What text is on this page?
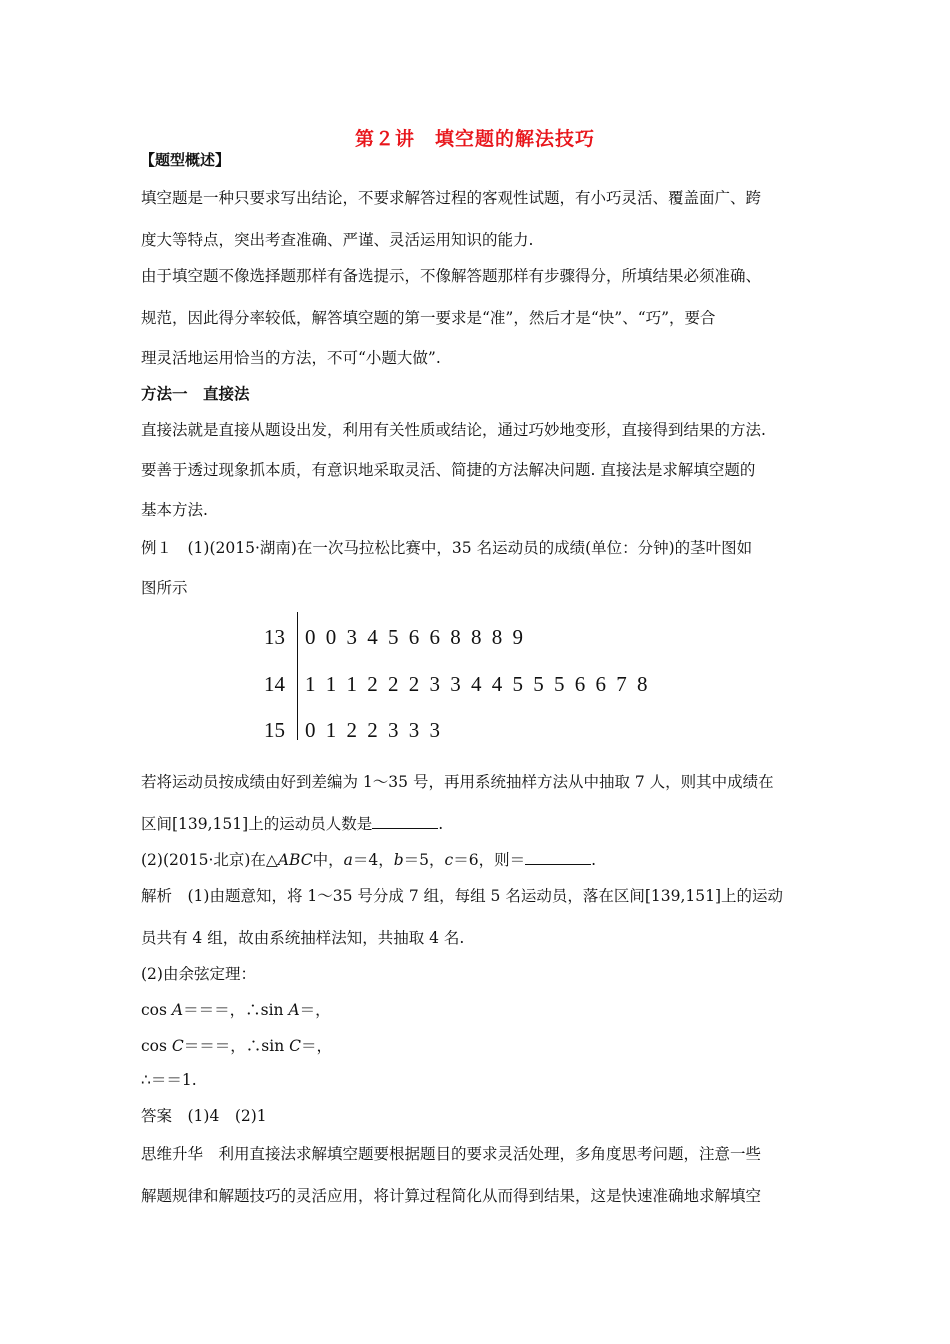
第２讲　填空题的解法技巧
【题型概述】
填空题是一种只要求写出结论，不要求解答过程的客观性试题，有小巧灵活、覆盖面广、跨
度大等特点，突出考查准确、严谨、灵活运用知识的能力.
由于填空题不像选择题那样有备选提示，不像解答题那样有步骤得分，所填结果必须准确、
规范，因此得分率较低，解答填空题的第一要求是“准”，然后才是“快”、“巧”，要合
理灵活地运用恰当的方法，不可“小题大做”.
方法一　直接法
直接法就是直接从题设出发，利用有关性质或结论，通过巧妙地变形，直接得到结果的方法.
要善于透过现象抓本质，有意识地采取灵活、简捷的方法解决问题. 直接法是求解填空题的
基本方法.
例１　(1)(2015·湖南)在一次马拉松比赛中，35 名运动员的成绩(单位：分钟)的茎叶图如
图所示
13 0 0 3 4 5 6 6 8 8 8 9
14 1 1 1 2 2 2 3 3 4 4 5 5 5 6 6 7 8
15 0 1 2 2 3 3 3
若将运动员按成绩由好到差编为 1～35 号，再用系统抽样方法从中抽取 7 人，则其中成绩在
区间[139,151]上的运动员人数是	.
(2)(2015·北京)在△ABC中，a＝4，b＝5，c＝6，则＝	.
解析　(1)由题意知，将 1～35 号分成 7 组，每组 5 名运动员，落在区间[139,151]上的运动
员共有 4 组，故由系统抽样法知，共抽取 4 名.
(2)由余弦定理：
cos A＝＝＝，∴sin A＝，
cos C＝＝＝，∴sin C＝，
∴＝＝1.
答案　(1)4　(2)1
思维升华　利用直接法求解填空题要根据题目的要求灵活处理，多角度思考问题，注意一些
解题规律和解题技巧的灵活应用，将计算过程简化从而得到结果，这是快速准确地求解填空
